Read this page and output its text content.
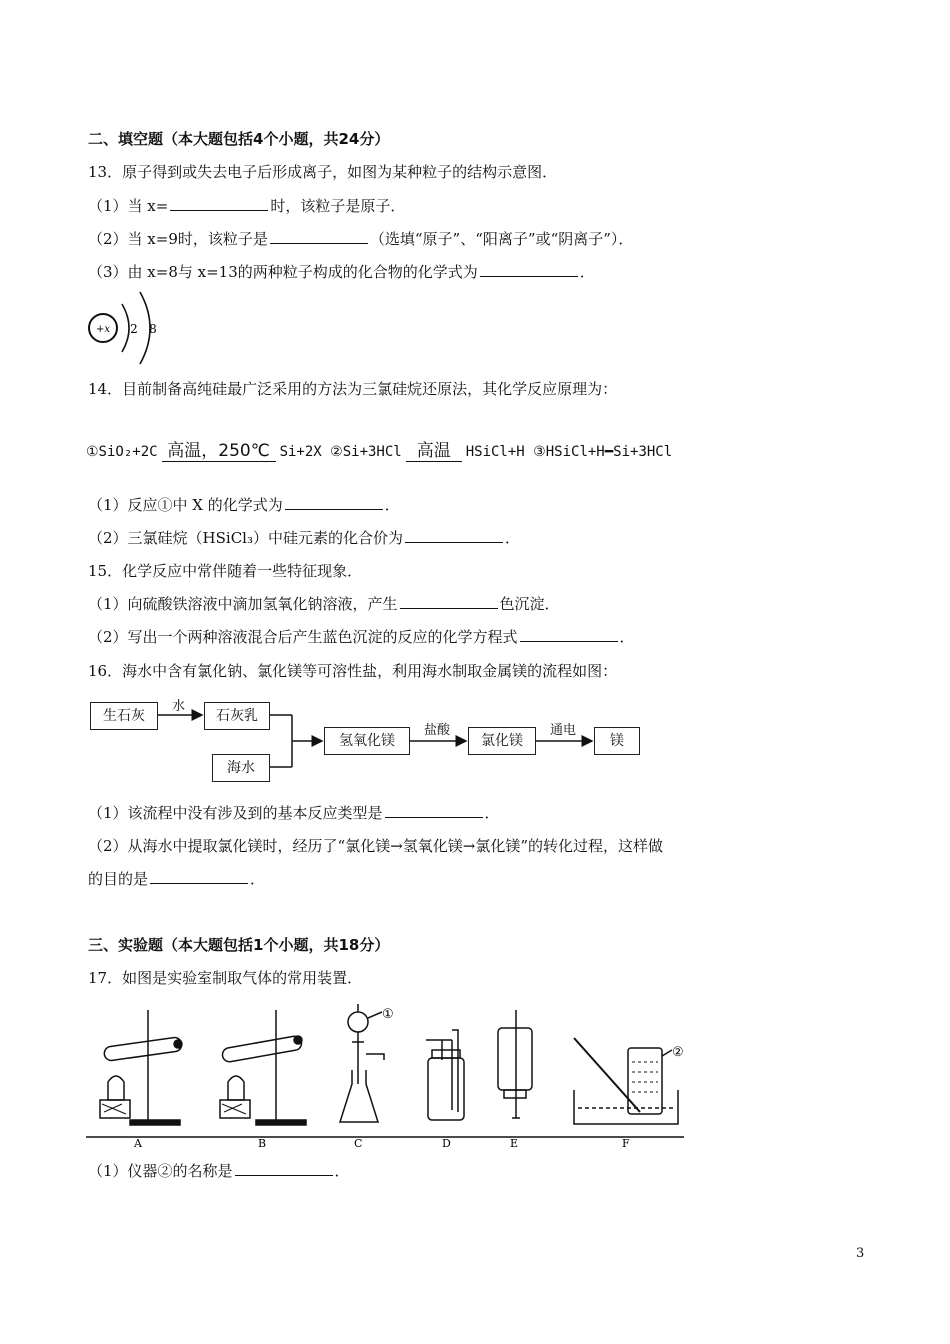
二、填空题（本大题包括4个小题，共24分）
13．原子得到或失去电子后形成离子，如图为某种粒子的结构示意图．
（1）当 x=	时，该粒子是原子．
（2）当 x=9时，该粒子是	（选填“原子”、“阳离子”或“阴离子”）．
（3）由 x=8与 x=13的两种粒子构成的化合物的化学式为	．
+x 2 8
14．目前制备高纯硅最广泛采用的方法为三氯硅烷还原法，其化学反应原理为：
①SiO₂+2C 高温，250℃ Si+2X ②Si+3HCl 高温 HSiCl+H ③HSiCl+H━Si+3HCl
（1）反应①中 X 的化学式为	．
（2）三氯硅烷（HSiCl₃）中硅元素的化合价为	．
15．化学反应中常伴随着一些特征现象．
（1）向硫酸铁溶液中滴加氢氧化钠溶液，产生	色沉淀．
（2）写出一个两种溶液混合后产生蓝色沉淀的反应的化学方程式	．
16．海水中含有氯化钠、氯化镁等可溶性盐，利用海水制取金属镁的流程如图：
生石灰
水
石灰乳
海水
氢氧化镁
盐酸
氯化镁
通电
镁
（1）该流程中没有涉及到的基本反应类型是	．
（2）从海水中提取氯化镁时，经历了“氯化镁→氢氧化镁→氯化镁”的转化过程，这样做
的目的是	．
三、实验题（本大题包括1个小题，共18分）
17．如图是实验室制取气体的常用装置．
①
②
A	B	C	D	E	F
（1）仪器②的名称是	．
3
